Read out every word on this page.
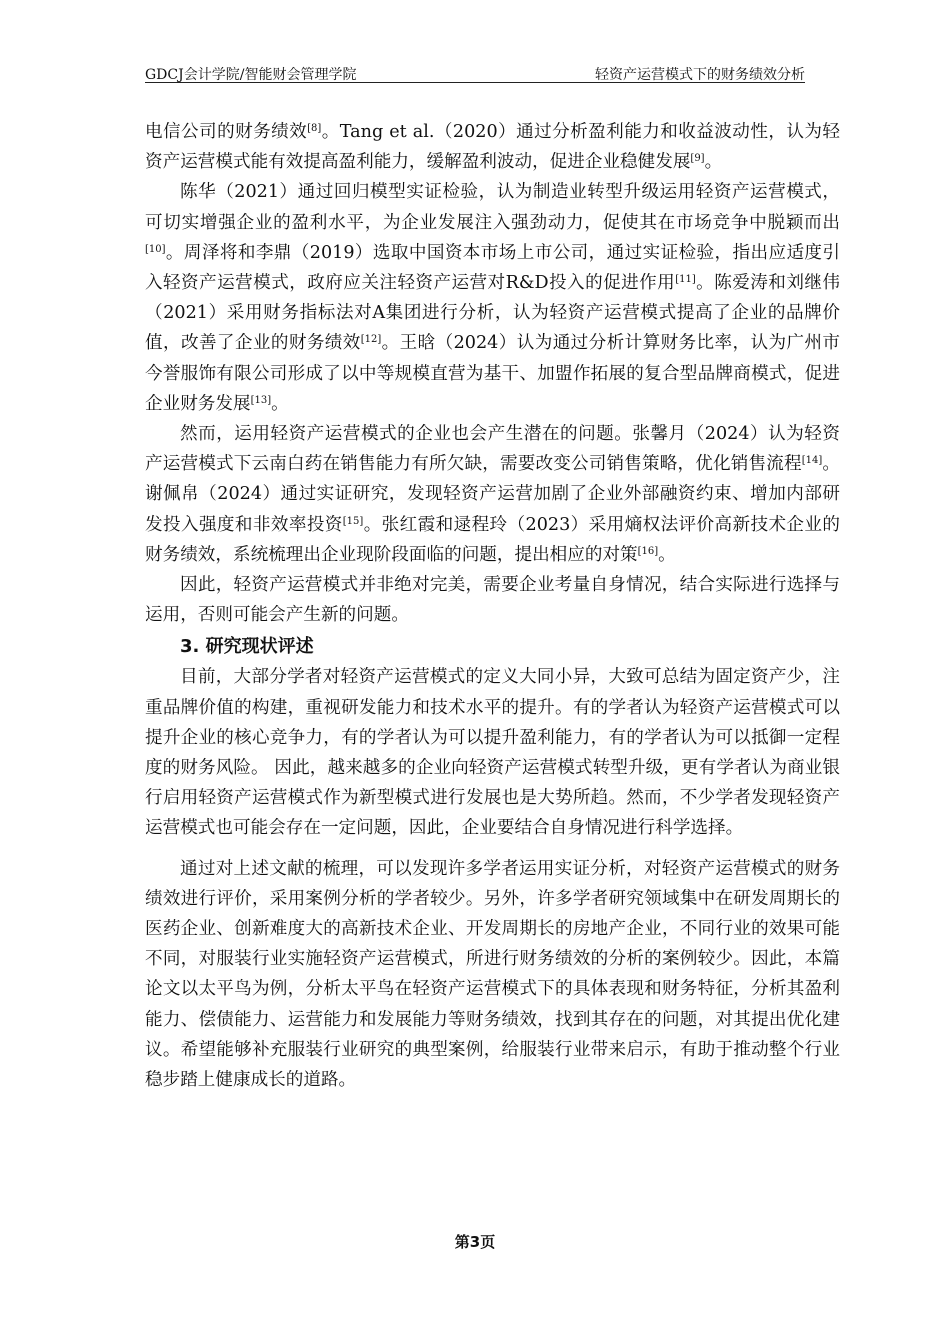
GDCJ会计学院/智能财会管理学院	轻资产运营模式下的财务绩效分析

电信公司的财务绩效[8]。Tang et al.（2020）通过分析盈利能力和收益波动性，认为轻资产运营模式能有效提高盈利能力，缓解盈利波动，促进企业稳健发展[9]。

陈华（2021）通过回归模型实证检验，认为制造业转型升级运用轻资产运营模式，可切实增强企业的盈利水平，为企业发展注入强劲动力，促使其在市场竞争中脱颖而出[10]。周泽将和李鼎（2019）选取中国资本市场上市公司，通过实证检验，指出应适度引入轻资产运营模式，政府应关注轻资产运营对R&D投入的促进作用[11]。陈爱涛和刘继伟（2021）采用财务指标法对A集团进行分析，认为轻资产运营模式提高了企业的品牌价值，改善了企业的财务绩效[12]。王晗（2024）认为通过分析计算财务比率，认为广州市今誉服饰有限公司形成了以中等规模直营为基干、加盟作拓展的复合型品牌商模式，促进企业财务发展[13]。

然而，运用轻资产运营模式的企业也会产生潜在的问题。张馨月（2024）认为轻资产运营模式下云南白药在销售能力有所欠缺，需要改变公司销售策略，优化销售流程[14]。谢佩帛（2024）通过实证研究，发现轻资产运营加剧了企业外部融资约束、增加内部研发投入强度和非效率投资[15]。张红霞和逯程玲（2023）采用熵权法评价高新技术企业的财务绩效，系统梳理出企业现阶段面临的问题，提出相应的对策[16]。

因此，轻资产运营模式并非绝对完美，需要企业考量自身情况，结合实际进行选择与运用，否则可能会产生新的问题。

3. 研究现状评述

目前，大部分学者对轻资产运营模式的定义大同小异，大致可总结为固定资产少，注重品牌价值的构建，重视研发能力和技术水平的提升。有的学者认为轻资产运营模式可以提升企业的核心竞争力，有的学者认为可以提升盈利能力，有的学者认为可以抵御一定程度的财务风险。 因此，越来越多的企业向轻资产运营模式转型升级，更有学者认为商业银行启用轻资产运营模式作为新型模式进行发展也是大势所趋。然而，不少学者发现轻资产运营模式也可能会存在一定问题，因此，企业要结合自身情况进行科学选择。

通过对上述文献的梳理，可以发现许多学者运用实证分析，对轻资产运营模式的财务绩效进行评价，采用案例分析的学者较少。另外，许多学者研究领域集中在研发周期长的医药企业、创新难度大的高新技术企业、开发周期长的房地产企业，不同行业的效果可能不同，对服装行业实施轻资产运营模式，所进行财务绩效的分析的案例较少。因此，本篇论文以太平鸟为例，分析太平鸟在轻资产运营模式下的具体表现和财务特征，分析其盈利能力、偿债能力、运营能力和发展能力等财务绩效，找到其存在的问题，对其提出优化建议。希望能够补充服装行业研究的典型案例，给服装行业带来启示，有助于推动整个行业稳步踏上健康成长的道路。

第3页
